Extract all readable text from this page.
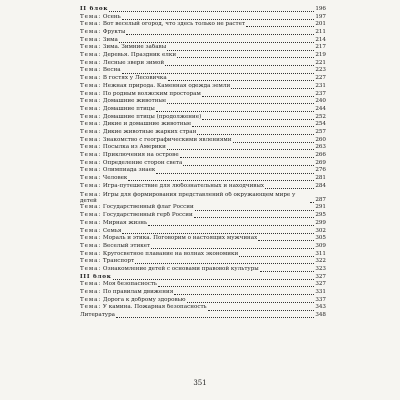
II блок	196
Тема: Осень	197
Тема: Вот веселый огород, что здесь только не растет	201
Тема: Фрукты	211
Тема: Зима	214
Тема: Зима. Зимние забавы	217
Тема: Деревья. Праздник елки	219
Тема: Лесные звери зимой	221
Тема: Весна	223
Тема: В гостях у Лесовичка	227
Тема: Нежная природа. Каменная одежда земли	231
Тема: По родным волжским просторам	237
Тема: Домашние животные	240
Тема: Домашние птицы	244
Тема: Домашние птицы (продолжение)	252
Тема: Дикие и домашние животные	254
Тема: Дикие животные жарких стран	257
Тема: Знакомство с географическими явлениями	260
Тема: Посылка из Америки	263
Тема: Приключения на острове	266
Тема: Определение сторон света	269
Тема: Олимпиада знаек	276
Тема: Человек	281
Тема: Игра-путешествие для любознательных и находчивых	284
Тема: Игры для формирования представлений об окружающем мире у детей	287
Тема: Государственный флаг России	291
Тема: Государственный герб России	295
Тема: Мирная жизнь	299
Тема: Семья	302
Тема: Мораль и этика. Поговорим о настоящих мужчинах	305
Тема: Веселый этикет	309
Тема: Кругосветное плавание на волнах экономики	311
Тема: Транспорт	322
Тема: Ознакомление детей с основами правовой культуры	323
III блок	327
Тема: Моя безопасность	327
Тема: По правилам движения	331
Тема: Дорога к доброму здоровью	337
Тема: У камина. Пожарная безопасность	343
Литература	348
351
